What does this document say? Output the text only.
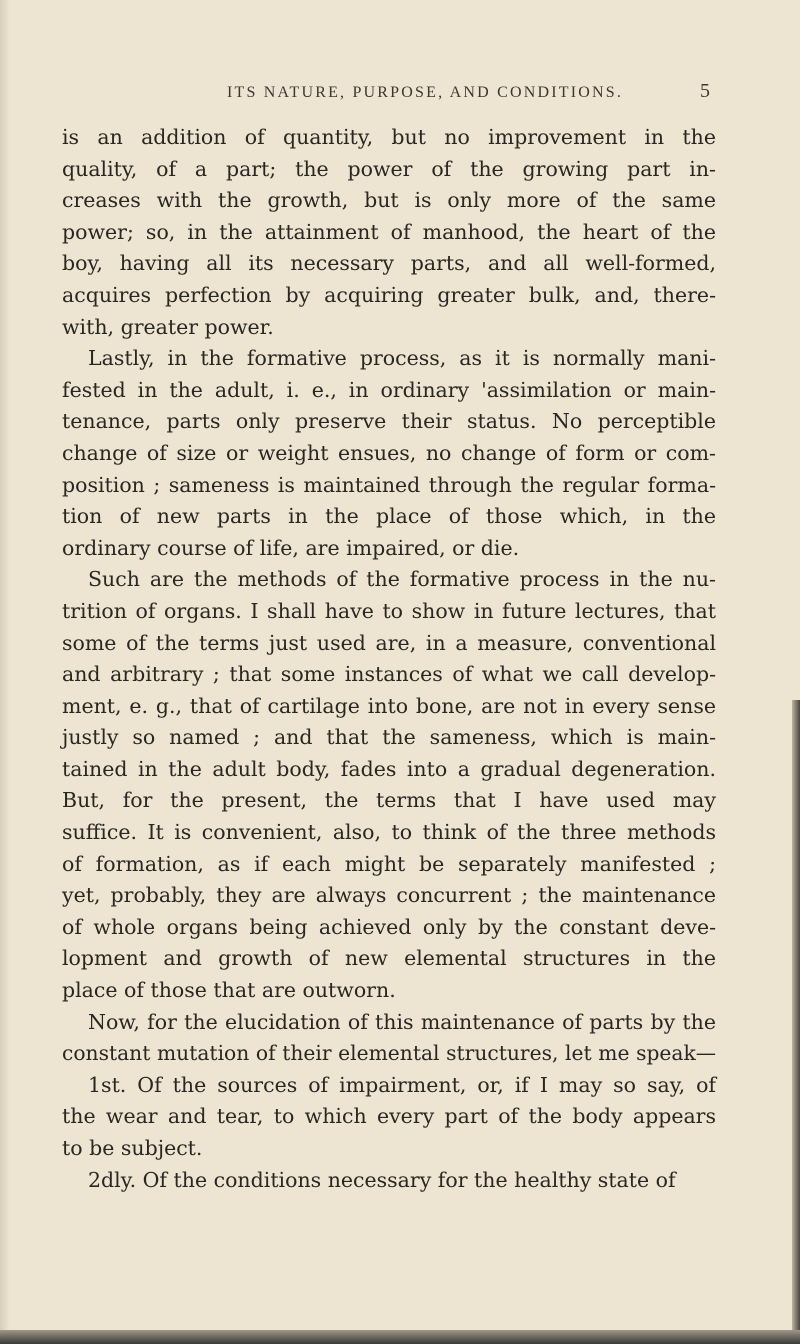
ITS NATURE, PURPOSE, AND CONDITIONS.	5
is an addition of quantity, but no improvement in the
quality, of a part; the power of the growing part in-
creases with the growth, but is only more of the same
power; so, in the attainment of manhood, the heart of the
boy, having all its necessary parts, and all well-formed,
acquires perfection by acquiring greater bulk, and, there-
with, greater power.
Lastly, in the formative process, as it is normally mani-
fested in the adult, i. e., in ordinary 'assimilation or main-
tenance, parts only preserve their status. No perceptible
change of size or weight ensues, no change of form or com-
position ; sameness is maintained through the regular forma-
tion of new parts in the place of those which, in the
ordinary course of life, are impaired, or die.
Such are the methods of the formative process in the nu-
trition of organs. I shall have to show in future lectures, that
some of the terms just used are, in a measure, conventional
and arbitrary ; that some instances of what we call develop-
ment, e. g., that of cartilage into bone, are not in every sense
justly so named ; and that the sameness, which is main-
tained in the adult body, fades into a gradual degeneration.
But, for the present, the terms that I have used may
suffice. It is convenient, also, to think of the three methods
of formation, as if each might be separately manifested ;
yet, probably, they are always concurrent ; the maintenance
of whole organs being achieved only by the constant deve-
lopment and growth of new elemental structures in the
place of those that are outworn.
Now, for the elucidation of this maintenance of parts by the
constant mutation of their elemental structures, let me speak—
1st. Of the sources of impairment, or, if I may so say, of
the wear and tear, to which every part of the body appears
to be subject.
2dly. Of the conditions necessary for the healthy state of
